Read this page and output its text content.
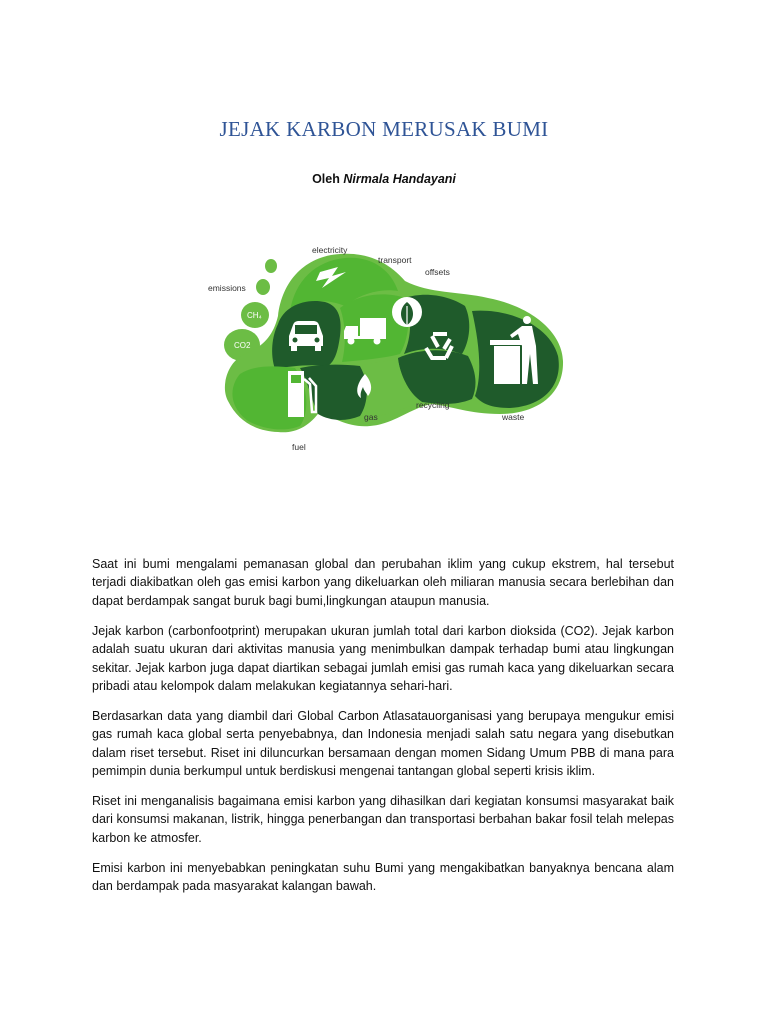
JEJAK KARBON MERUSAK BUMI
Oleh Nirmala Handayani
CH₄
CO2
electricity
transport
offsets
emissions
fuel
gas
recycling
waste

Saat ini bumi mengalami pemanasan global dan perubahan iklim yang cukup ekstrem, hal tersebut terjadi diakibatkan oleh gas emisi karbon yang dikeluarkan oleh miliaran manusia secara berlebihan dan dapat berdampak sangat buruk bagi bumi,lingkungan ataupun manusia.

Jejak karbon (carbonfootprint) merupakan ukuran jumlah total dari karbon dioksida (CO2). Jejak karbon adalah suatu ukuran dari aktivitas manusia yang menimbulkan dampak terhadap bumi atau lingkungan sekitar. Jejak karbon juga dapat diartikan sebagai jumlah emisi gas rumah kaca yang dikeluarkan secara pribadi atau kelompok dalam melakukan kegiatannya sehari-hari.

Berdasarkan data yang diambil dari Global Carbon Atlasatauorganisasi yang berupaya mengukur emisi gas rumah kaca global serta penyebabnya, dan Indonesia menjadi salah satu negara yang disebutkan dalam riset tersebut. Riset ini diluncurkan bersamaan dengan momen Sidang Umum PBB di mana para pemimpin dunia berkumpul untuk berdiskusi mengenai tantangan global seperti krisis iklim.

Riset ini menganalisis bagaimana emisi karbon yang dihasilkan dari kegiatan konsumsi masyarakat baik dari konsumsi makanan, listrik, hingga penerbangan dan transportasi berbahan bakar fosil telah melepas karbon ke atmosfer.

Emisi karbon ini menyebabkan peningkatan suhu Bumi yang mengakibatkan banyaknya bencana alam dan berdampak pada masyarakat kalangan bawah.
